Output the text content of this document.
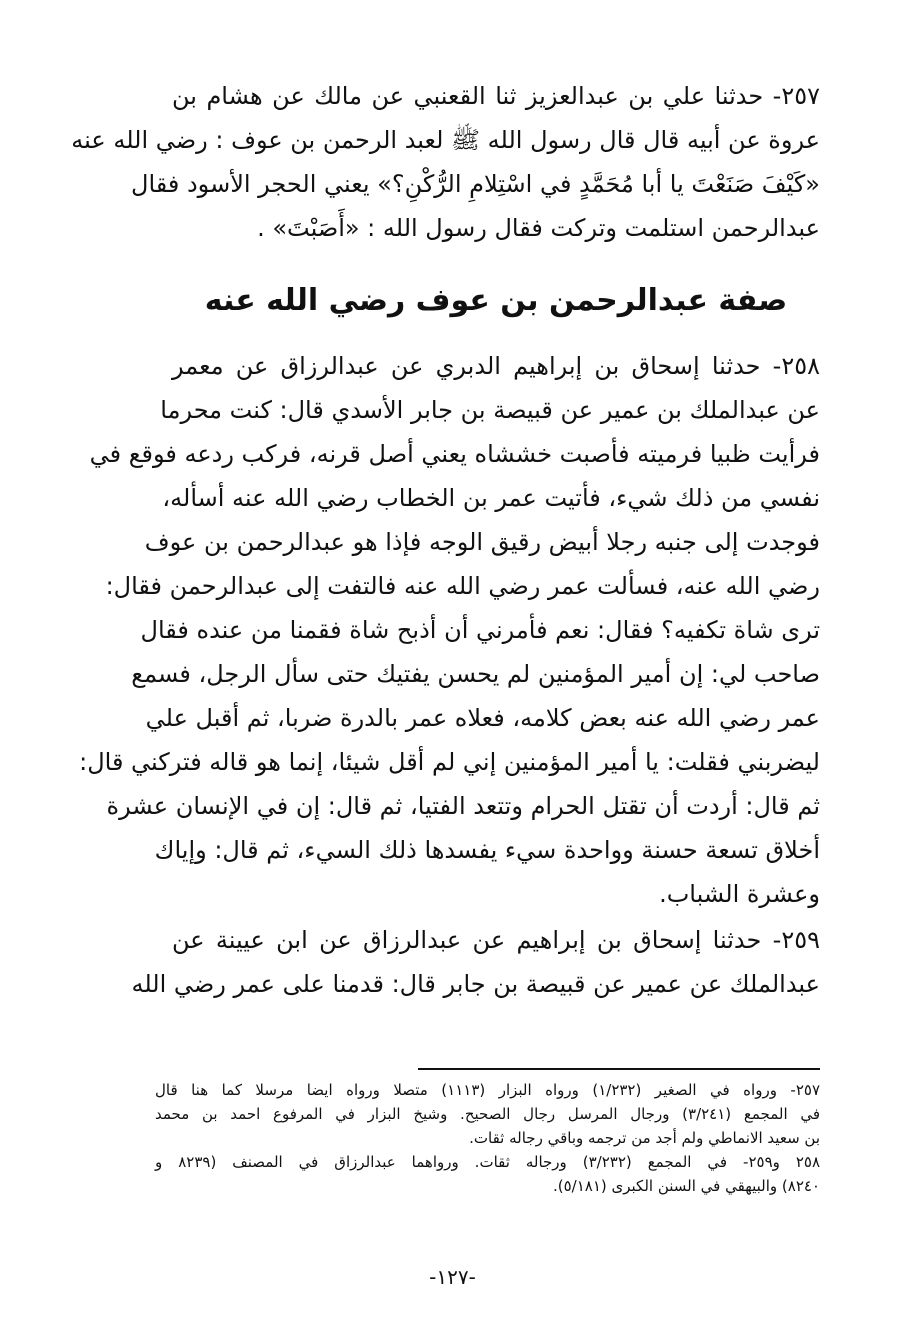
٢٥٧- حدثنا علي بن عبدالعزيز ثنا القعنبي عن مالك عن هشام بن
عروة عن أبيه قال قال رسول الله ﷺ لعبد الرحمن بن عوف : رضي الله عنه
«كَيْفَ صَنَعْتَ يا أبا مُحَمَّدٍ في اسْتِلامِ الرُّكْنِ؟» يعني الحجر الأسود فقال
عبدالرحمن استلمت وتركت فقال رسول الله : «أَصَبْتَ» .
صفة عبدالرحمن بن عوف رضي الله عنه
٢٥٨- حدثنا إسحاق بن إبراهيم الدبري عن عبدالرزاق عن معمر
عن عبدالملك بن عمير عن قبيصة بن جابر الأسدي قال: كنت محرما
فرأيت ظبيا فرميته فأصبت خششاه يعني أصل قرنه، فركب ردعه فوقع في
نفسي من ذلك شيء، فأتيت عمر بن الخطاب رضي الله عنه أسأله،
فوجدت إلى جنبه رجلا أبيض رقيق الوجه فإذا هو عبدالرحمن بن عوف
رضي الله عنه، فسألت عمر رضي الله عنه فالتفت إلى عبدالرحمن فقال:
ترى شاة تكفيه؟ فقال: نعم فأمرني أن أذبح شاة فقمنا من عنده فقال
صاحب لي: إن أمير المؤمنين لم يحسن يفتيك حتى سأل الرجل، فسمع
عمر رضي الله عنه بعض كلامه، فعلاه عمر بالدرة ضربا، ثم أقبل علي
ليضربني فقلت: يا أمير المؤمنين إني لم أقل شيئا، إنما هو قاله فتركني قال:
ثم قال: أردت أن تقتل الحرام وتتعد الفتيا، ثم قال: إن في الإنسان عشرة
أخلاق تسعة حسنة وواحدة سيء يفسدها ذلك السيء، ثم قال: وإياك
وعشرة الشباب.
٢٥٩- حدثنا إسحاق بن إبراهيم عن عبدالرزاق عن ابن عيينة عن
عبدالملك عن عمير عن قبيصة بن جابر قال: قدمنا على عمر رضي الله
٢٥٧- ورواه في الصغير (١/٢٣٢) ورواه البزار (١١١٣) متصلا ورواه ايضا مرسلا كما هنا قال
في المجمع (٣/٢٤١) ورجال المرسل رجال الصحيح. وشيخ البزار في المرفوع احمد بن محمد
بن سعيد الانماطي ولم أجد من ترجمه وباقي رجاله ثقات.
٢٥٨ و٢٥٩- في المجمع (٣/٢٣٢) ورجاله ثقات. ورواهما عبدالرزاق في المصنف (٨٢٣٩ و
٨٢٤٠) والبيهقي في السنن الكبرى (٥/١٨١).
-١٢٧-
